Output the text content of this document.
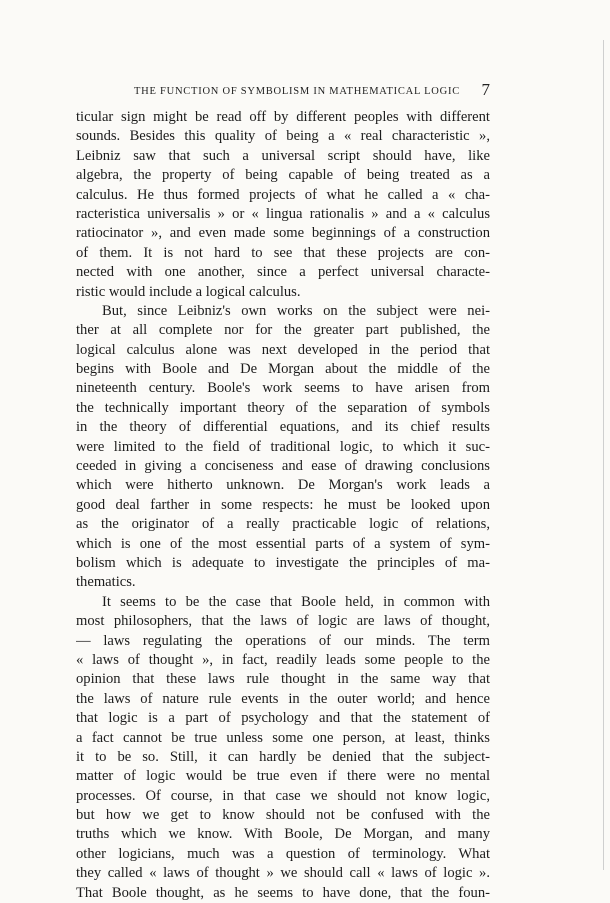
THE FUNCTION OF SYMBOLISM IN MATHEMATICAL LOGIC 7
ticular sign might be read off by different peoples with different
sounds. Besides this quality of being a « real characteristic »,
Leibniz saw that such a universal script should have, like
algebra, the property of being capable of being treated as a
calculus. He thus formed projects of what he called a « cha-
racteristica universalis » or « lingua rationalis » and a « calculus
ratiocinator », and even made some beginnings of a construction
of them. It is not hard to see that these projects are con-
nected with one another, since a perfect universal characte-
ristic would include a logical calculus.
But, since Leibniz's own works on the subject were nei-
ther at all complete nor for the greater part published, the
logical calculus alone was next developed in the period that
begins with Boole and De Morgan about the middle of the
nineteenth century. Boole's work seems to have arisen from
the technically important theory of the separation of symbols
in the theory of differential equations, and its chief results
were limited to the field of traditional logic, to which it suc-
ceeded in giving a conciseness and ease of drawing conclusions
which were hitherto unknown. De Morgan's work leads a
good deal farther in some respects: he must be looked upon
as the originator of a really practicable logic of relations,
which is one of the most essential parts of a system of sym-
bolism which is adequate to investigate the principles of ma-
thematics.
It seems to be the case that Boole held, in common with
most philosophers, that the laws of logic are laws of thought,
— laws regulating the operations of our minds. The term
« laws of thought », in fact, readily leads some people to the
opinion that these laws rule thought in the same way that
the laws of nature rule events in the outer world; and hence
that logic is a part of psychology and that the statement of
a fact cannot be true unless some one person, at least, thinks
it to be so. Still, it can hardly be denied that the subject-
matter of logic would be true even if there were no mental
processes. Of course, in that case we should not know logic,
but how we get to know should not be confused with the
truths which we know. With Boole, De Morgan, and many
other logicians, much was a question of terminology. What
they called « laws of thought » we should call « laws of logic ».
That Boole thought, as he seems to have done, that the foun-
